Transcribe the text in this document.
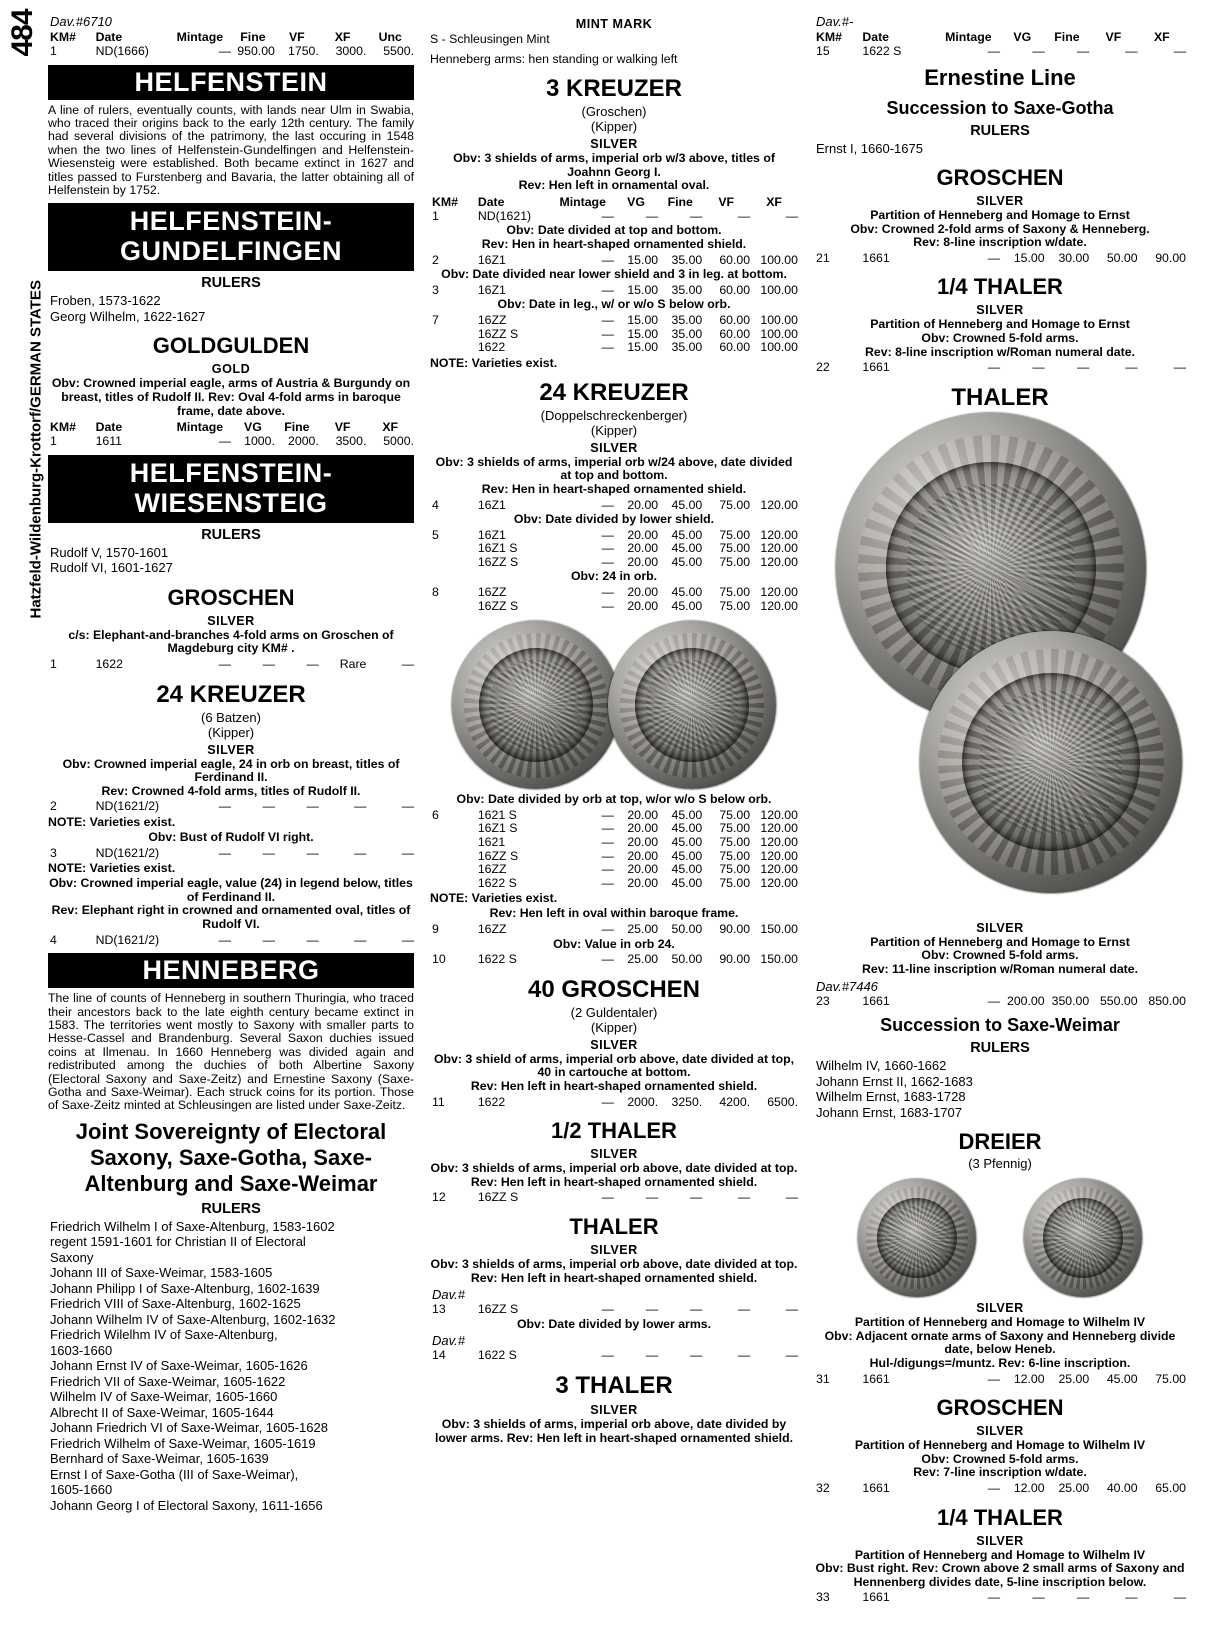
484
Hatzfeld-Wildenburg-Krottorf/GERMAN STATES
Dav.#6710
KM#	Date	Mintage	Fine	VF	XF	Unc
1	ND(1666)	—	950.00	1750.	3000.	5500.
HELFENSTEIN
A line of rulers, eventually counts, with lands near Ulm in Swabia, who traced their origins back to the early 12th century. The family had several divisions of the patrimony, the last occuring in 1548 when the two lines of Helfenstein-Gundelfingen and Helfenstein-Wiesensteig were established. Both became extinct in 1627 and titles passed to Furstenberg and Bavaria, the latter obtaining all of Helfenstein by 1752.
HELFENSTEIN-
GUNDELFINGEN
RULERS
Froben, 1573-1622
Georg Wilhelm, 1622-1627
GOLDGULDEN
GOLD
Obv: Crowned imperial eagle, arms of Austria & Burgundy on breast, titles of Rudolf II. Rev: Oval 4-fold arms in baroque frame, date above.
KM#	Date	Mintage	VG	Fine	VF	XF
1	1611	—	1000.	2000.	3500.	5000.
HELFENSTEIN-
WIESENSTEIG
RULERS
Rudolf V, 1570-1601
Rudolf VI, 1601-1627
GROSCHEN
SILVER
c/s: Elephant-and-branches 4-fold arms on Groschen of Magdeburg city KM# .
1	1622	—	—	—	Rare	—
24 KREUZER
(6 Batzen)
(Kipper)
SILVER
Obv: Crowned imperial eagle, 24 in orb on breast, titles of Ferdinand II.
Rev: Crowned 4-fold arms, titles of Rudolf II.
2	ND(1621/2)	—	—	—	—	—
NOTE: Varieties exist.
Obv: Bust of Rudolf VI right.
3	ND(1621/2)	—	—	—	—	—
NOTE: Varieties exist.
Obv: Crowned imperial eagle, value (24) in legend below, titles of Ferdinand II.
Rev: Elephant right in crowned and ornamented oval, titles of Rudolf VI.
4	ND(1621/2)	—	—	—	—	—
HENNEBERG
The line of counts of Henneberg in southern Thuringia, who traced their ancestors back to the late eighth century became extinct in 1583. The territories went mostly to Saxony with smaller parts to Hesse-Cassel and Brandenburg. Several Saxon duchies issued coins at Ilmenau. In 1660 Henneberg was divided again and redistributed among the duchies of both Albertine Saxony (Electoral Saxony and Saxe-Zeitz) and Ernestine Saxony (Saxe-Gotha and Saxe-Weimar). Each struck coins for its portion. Those of Saxe-Zeitz minted at Schleusingen are listed under Saxe-Zeitz.
Joint Sovereignty of Electoral Saxony, Saxe-Gotha, Saxe-Altenburg and Saxe-Weimar
RULERS
Friedrich Wilhelm I of Saxe-Altenburg, 1583-1602
regent 1591-1601 for Christian II of Electoral
Saxony
Johann III of Saxe-Weimar, 1583-1605
Johann Philipp I of Saxe-Altenburg, 1602-1639
Friedrich VIII of Saxe-Altenburg, 1602-1625
Johann Wilhelm IV of Saxe-Altenburg, 1602-1632
Friedrich Wilelhm IV of Saxe-Altenburg,
1603-1660
Johann Ernst IV of Saxe-Weimar, 1605-1626
Friedrich VII of Saxe-Weimar, 1605-1622
Wilhelm IV of Saxe-Weimar, 1605-1660
Albrecht II of Saxe-Weimar, 1605-1644
Johann Friedrich VI of Saxe-Weimar, 1605-1628
Friedrich Wilhelm of Saxe-Weimar, 1605-1619
Bernhard of Saxe-Weimar, 1605-1639
Ernst I of Saxe-Gotha (III of Saxe-Weimar),
1605-1660
Johann Georg I of Electoral Saxony, 1611-1656
MINT MARK
S - Schleusingen Mint
Henneberg arms: hen standing or walking left
3 KREUZER
(Groschen)
(Kipper)
SILVER
Obv: 3 shields of arms, imperial orb w/3 above, titles of Joahnn Georg I.
Rev: Hen left in ornamental oval.
KM#	Date	Mintage	VG	Fine	VF	XF
1	ND(1621)	—	—	—	—	—
Obv: Date divided at top and bottom.
Rev: Hen in heart-shaped ornamented shield.
2	16Z1	—	15.00	35.00	60.00	100.00
Obv: Date divided near lower shield and 3 in leg. at bottom.
3	16Z1	—	15.00	35.00	60.00	100.00
Obv: Date in leg., w/ or w/o S below orb.
7	16ZZ	—	15.00	35.00	60.00	100.00
	16ZZ S	—	15.00	35.00	60.00	100.00
	1622	—	15.00	35.00	60.00	100.00
NOTE: Varieties exist.
24 KREUZER
(Doppelschreckenberger)
(Kipper)
SILVER
Obv: 3 shields of arms, imperial orb w/24 above, date divided at top and bottom.
Rev: Hen in heart-shaped ornamented shield.
4	16Z1	—	20.00	45.00	75.00	120.00
Obv: Date divided by lower shield.
5	16Z1	—	20.00	45.00	75.00	120.00
	16Z1 S	—	20.00	45.00	75.00	120.00
	16ZZ S	—	20.00	45.00	75.00	120.00
Obv: 24 in orb.
8	16ZZ	—	20.00	45.00	75.00	120.00
	16ZZ S	—	20.00	45.00	75.00	120.00
Obv: Date divided by orb at top, w/or w/o S below orb.
6	1621 S	—	20.00	45.00	75.00	120.00
	16Z1 S	—	20.00	45.00	75.00	120.00
	1621	—	20.00	45.00	75.00	120.00
	16ZZ S	—	20.00	45.00	75.00	120.00
	16ZZ	—	20.00	45.00	75.00	120.00
	1622 S	—	20.00	45.00	75.00	120.00
NOTE: Varieties exist.
Rev: Hen left in oval within baroque frame.
9	16ZZ	—	25.00	50.00	90.00	150.00
Obv: Value in orb 24.
10	1622 S	—	25.00	50.00	90.00	150.00
40 GROSCHEN
(2 Guldentaler)
(Kipper)
SILVER
Obv: 3 shield of arms, imperial orb above, date divided at top, 40 in cartouche at bottom.
Rev: Hen left in heart-shaped ornamented shield.
11	1622	—	2000.	3250.	4200.	6500.
1/2 THALER
SILVER
Obv: 3 shields of arms, imperial orb above, date divided at top. Rev: Hen left in heart-shaped ornamented shield.
12	16ZZ S	—	—	—	—	—
THALER
SILVER
Obv: 3 shields of arms, imperial orb above, date divided at top. Rev: Hen left in heart-shaped ornamented shield.
Dav.#
13	16ZZ S	—	—	—	—	—
Obv: Date divided by lower arms.
Dav.#
14	1622 S	—	—	—	—	—
3 THALER
SILVER
Obv: 3 shields of arms, imperial orb above, date divided by lower arms. Rev: Hen left in heart-shaped ornamented shield.
Dav.#-
KM#	Date	Mintage	VG	Fine	VF	XF
15	1622 S	—	—	—	—	—
Ernestine Line
Succession to Saxe-Gotha
RULERS
Ernst I, 1660-1675
GROSCHEN
SILVER
Partition of Henneberg and Homage to Ernst
Obv: Crowned 2-fold arms of Saxony & Henneberg.
Rev: 8-line inscription w/date.
21	1661	—	15.00	30.00	50.00	90.00
1/4 THALER
SILVER
Partition of Henneberg and Homage to Ernst
Obv: Crowned 5-fold arms.
Rev: 8-line inscription w/Roman numeral date.
22	1661	—	—	—	—	—
THALER
SILVER
Partition of Henneberg and Homage to Ernst
Obv: Crowned 5-fold arms.
Rev: 11-line inscription w/Roman numeral date.
Dav.#7446
23	1661	—	200.00	350.00	550.00	850.00
Succession to Saxe-Weimar
RULERS
Wilhelm IV, 1660-1662
Johann Ernst II, 1662-1683
Wilhelm Ernst, 1683-1728
Johann Ernst, 1683-1707
DREIER
(3 Pfennig)
SILVER
Partition of Henneberg and Homage to Wilhelm IV
Obv: Adjacent ornate arms of Saxony and Henneberg divide date, below Heneb.
Hul-/digungs=/muntz. Rev: 6-line inscription.
31	1661	—	12.00	25.00	45.00	75.00
GROSCHEN
SILVER
Partition of Henneberg and Homage to Wilhelm IV
Obv: Crowned 5-fold arms.
Rev: 7-line inscription w/date.
32	1661	—	12.00	25.00	40.00	65.00
1/4 THALER
SILVER
Partition of Henneberg and Homage to Wilhelm IV
Obv: Bust right. Rev: Crown above 2 small arms of Saxony and Hennenberg divides date, 5-line inscription below.
33	1661	—	—	—	—	—
